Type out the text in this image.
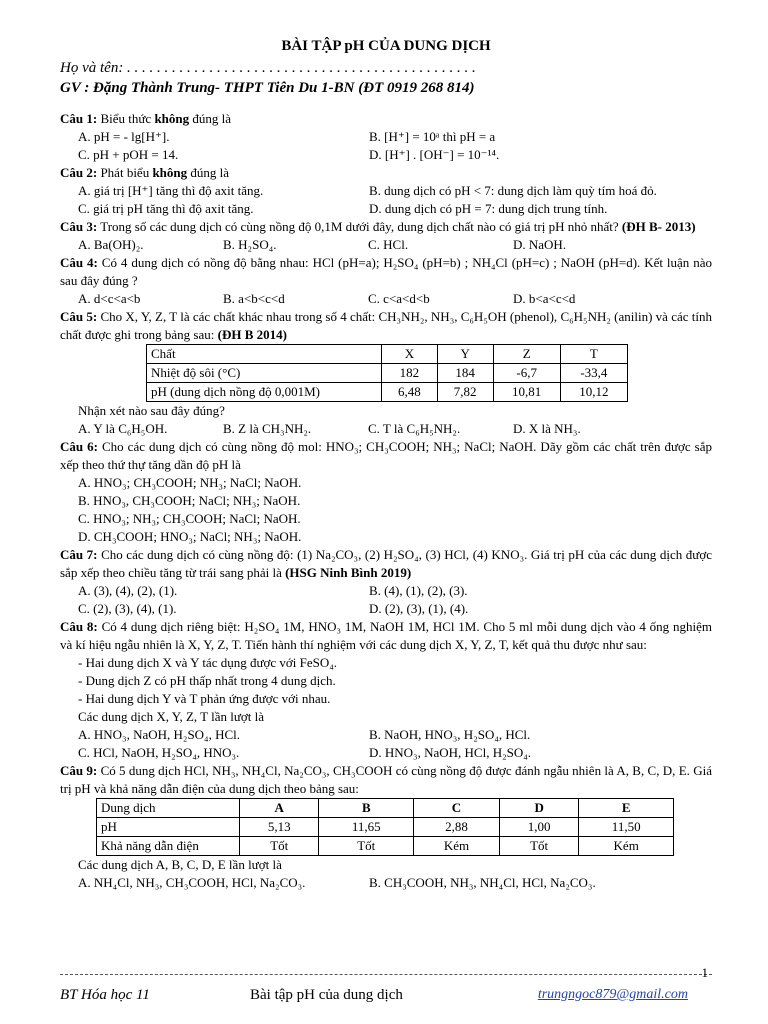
BÀI TẬP pH CỦA DUNG DỊCH
Họ và tên: . . . . . . . . . . . . . . . . . . . . . . . . . . . . . . . . . . . . . . . . . . . . . . .
GV : Đặng Thành Trung- THPT Tiên Du 1-BN (ĐT 0919 268 814)
Câu 1: Biểu thức không đúng là
A. pH = - lg[H⁺].	B. [H⁺] = 10ᵃ thì pH = a
C. pH + pOH = 14.	D. [H⁺] . [OH⁻] = 10⁻¹⁴.
Câu 2: Phát biểu không đúng là
A. giá trị [H⁺] tăng thì độ axit tăng.	B. dung dịch có pH < 7: dung dịch làm quỳ tím hoá đỏ.
C. giá trị pH tăng thì độ axit tăng.	D. dung dịch có pH = 7: dung dịch trung tính.
Câu 3: Trong số các dung dịch có cùng nồng độ 0,1M dưới đây, dung dịch chất nào có giá trị pH nhỏ nhất? (ĐH B- 2013)
A. Ba(OH)₂.	B. H₂SO₄.	C. HCl.	D. NaOH.
Câu 4: Có 4 dung dịch có nồng độ bằng nhau: HCl (pH=a); H₂SO₄ (pH=b) ; NH₄Cl (pH=c) ; NaOH (pH=d). Kết luận nào sau đây đúng ?
A. d<c<a<b	B. a<b<c<d	C. c<a<d<b	D. b<a<c<d
Câu 5: Cho X, Y, Z, T là các chất khác nhau trong số 4 chất: CH₃NH₂, NH₃, C₆H₅OH (phenol), C₆H₅NH₂ (anilin) và các tính chất được ghi trong bảng sau: (ĐH B 2014)
Chất	X	Y	Z	T
Nhiệt độ sôi (°C)	182	184	-6,7	-33,4
pH (dung dịch nồng độ 0,001M)	6,48	7,82	10,81	10,12
Nhận xét nào sau đây đúng?
A. Y là C₆H₅OH.	B. Z là CH₃NH₂.	C. T là C₆H₅NH₂.	D. X là NH₃.
Câu 6: Cho các dung dịch có cùng nồng độ mol: HNO₃; CH₃COOH; NH₃; NaCl; NaOH. Dãy gồm các chất trên được sắp xếp theo thứ thự tăng dần độ pH là
A. HNO₃; CH₃COOH; NH₃; NaCl; NaOH.
B. HNO₃, CH₃COOH; NaCl; NH₃; NaOH.
C. HNO₃; NH₃; CH₃COOH; NaCl; NaOH.
D. CH₃COOH; HNO₃; NaCl; NH₃; NaOH.
Câu 7: Cho các dung dịch có cùng nồng độ: (1) Na₂CO₃, (2) H₂SO₄, (3) HCl, (4) KNO₃. Giá trị pH của các dung dịch được sắp xếp theo chiều tăng từ trái sang phải là (HSG Ninh Bình 2019)
A. (3), (4), (2), (1).	B. (4), (1), (2), (3).
C. (2), (3), (4), (1).	D. (2), (3), (1), (4).
Câu 8: Có 4 dung dịch riêng biệt: H₂SO₄ 1M, HNO₃ 1M, NaOH 1M, HCl 1M. Cho 5 ml mỗi dung dịch vào 4 ống nghiệm và kí hiệu ngẫu nhiên là X, Y, Z, T. Tiến hành thí nghiệm với các dung dịch X, Y, Z, T, kết quả thu được như sau:
- Hai dung dịch X và Y tác dụng được với FeSO₄.
- Dung dịch Z có pH thấp nhất trong 4 dung dịch.
- Hai dung dịch Y và T phản ứng được với nhau.
Các dung dịch X, Y, Z, T lần lượt là
A. HNO₃, NaOH, H₂SO₄, HCl.	B. NaOH, HNO₃, H₂SO₄, HCl.
C. HCl, NaOH, H₂SO₄, HNO₃.	D. HNO₃, NaOH, HCl, H₂SO₄.
Câu 9: Có 5 dung dịch HCl, NH₃, NH₄Cl, Na₂CO₃, CH₃COOH có cùng nồng độ được đánh ngẫu nhiên là A, B, C, D, E. Giá trị pH và khả năng dẫn điện của dung dịch theo bảng sau:
Dung dịch	A	B	C	D	E
pH	5,13	11,65	2,88	1,00	11,50
Khả năng dẫn điện	Tốt	Tốt	Kém	Tốt	Kém
Các dung dịch A, B, C, D, E lần lượt là
A. NH₄Cl, NH₃, CH₃COOH, HCl, Na₂CO₃.	B. CH₃COOH, NH₃, NH₄Cl, HCl, Na₂CO₃.
1
BT Hóa học 11	Bài tập pH của dung dịch	trungngoc879@gmail.com
